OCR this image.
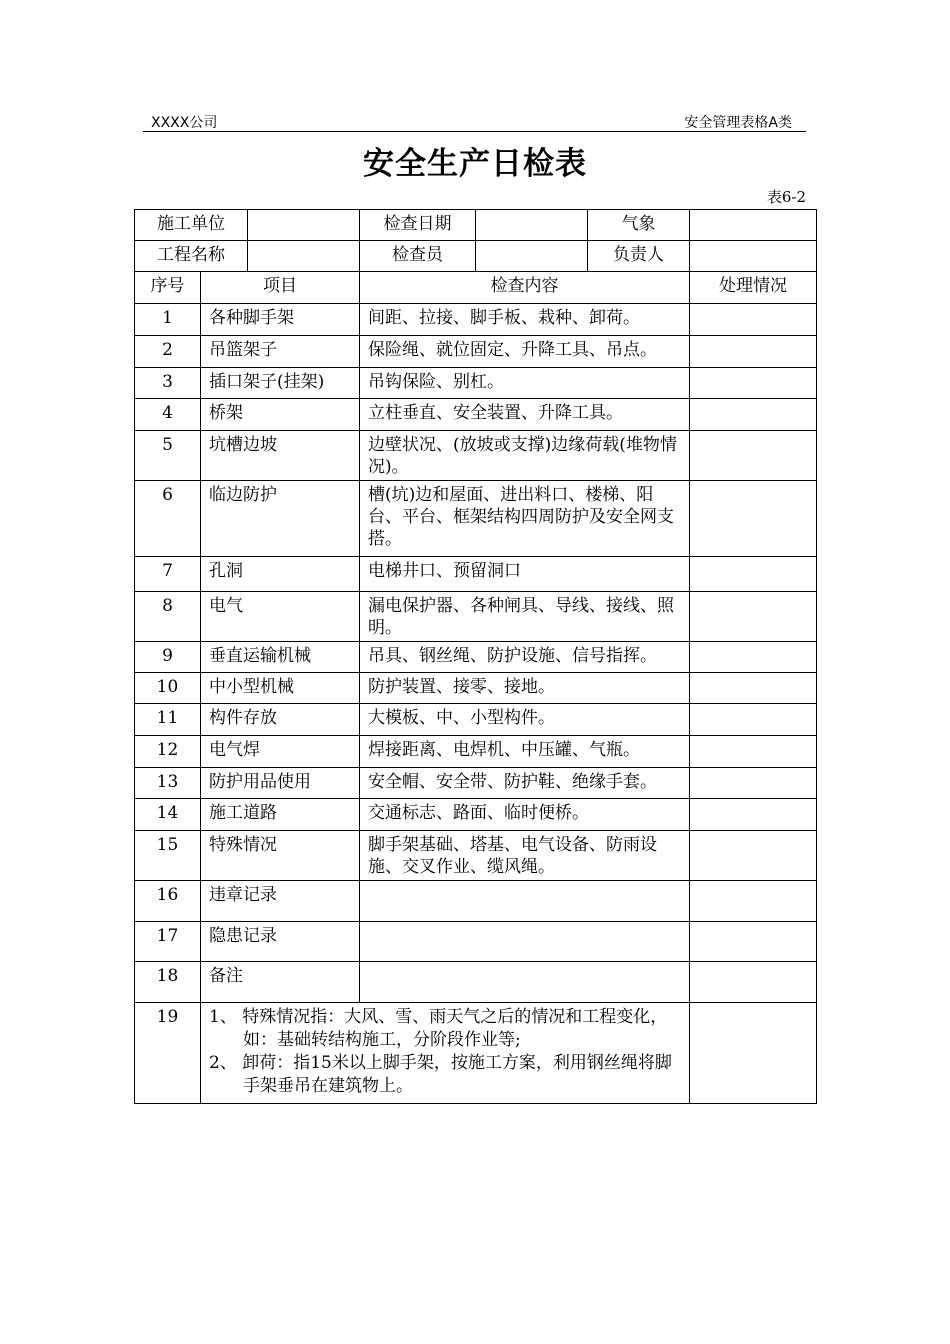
XXXX公司	安全管理表格A类
安全生产日检表
表6-2
施工单位			检查日期		气象	
工程名称			检查员		负责人	
序号	项目		检查内容			处理情况
1	各种脚手架		间距、拉接、脚手板、栽种、卸荷。			
2	吊篮架子		保险绳、就位固定、升降工具、吊点。			
3	插口架子(挂架)		吊钩保险、别杠。			
4	桥架		立柱垂直、安全装置、升降工具。			
5	坑槽边坡		边壁状况、(放坡或支撑)边缘荷载(堆物情况)。			
6	临边防护		槽(坑)边和屋面、进出料口、楼梯、阳台、平台、框架结构四周防护及安全网支搭。			
7	孔洞		电梯井口、预留洞口			
8	电气		漏电保护器、各种闸具、导线、接线、照明。			
9	垂直运输机械		吊具、钢丝绳、防护设施、信号指挥。			
10	中小型机械		防护装置、接零、接地。			
11	构件存放		大模板、中、小型构件。			
12	电气焊		焊接距离、电焊机、中压罐、气瓶。			
13	防护用品使用		安全帽、安全带、防护鞋、绝缘手套。			
14	施工道路		交通标志、路面、临时便桥。			
15	特殊情况		脚手架基础、塔基、电气设备、防雨设施、交叉作业、缆风绳。			
16	违章记录					
17	隐患记录					
18	备注					
19	1、 特殊情况指：大风、雪、雨天气之后的情况和工程变化，如：基础转结构施工，分阶段作业等;
2、 卸荷：指15米以上脚手架，按施工方案，利用钢丝绳将脚手架垂吊在建筑物上。					
